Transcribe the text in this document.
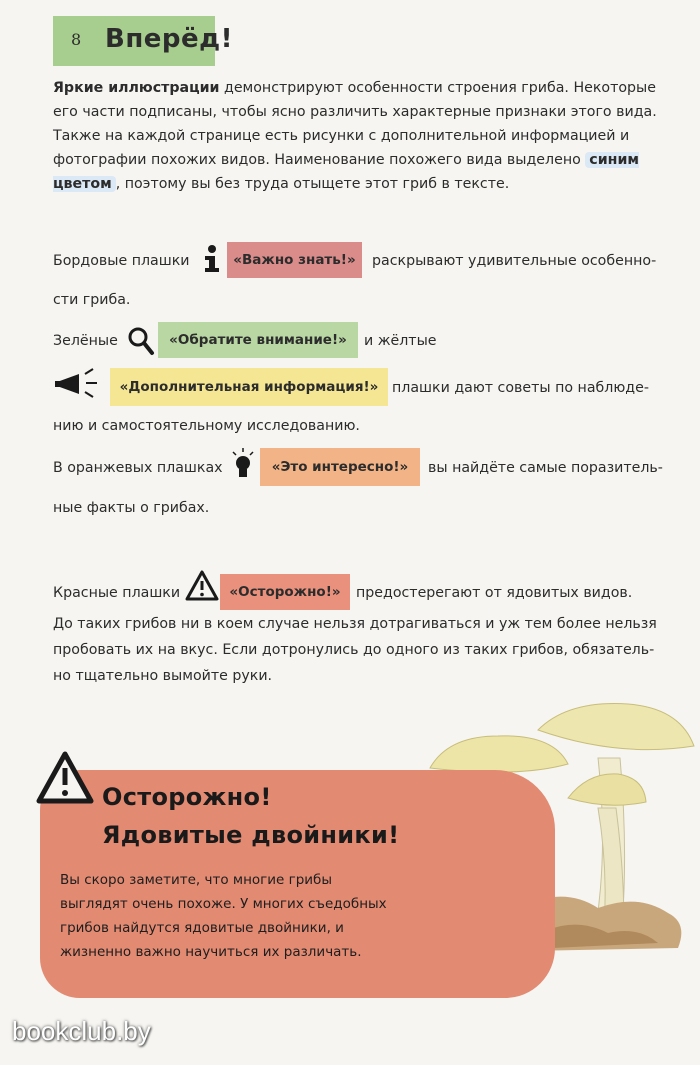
8 Вперёд!
Яркие иллюстрации демонстрируют особенности строения гриба. Некоторые его части подписаны, чтобы ясно различить характерные признаки этого вида. Также на каждой странице есть рисунки с дополнительной информацией и фотографии похожих видов. Наименование похожего вида выделено синим цветом , поэтому вы без труда отыщете этот гриб в тексте.
Бордовые плашки	«Важно знать!»	раскрывают удивительные особенно-
сти гриба.
Зелёные	«Обратите внимание!»	и жёлтые
«Дополнительная информация!» плашки дают советы по наблюде-
нию и самостоятельному исследованию.
В оранжевых плашках	«Это интересно!»	вы найдёте самые поразитель-
ные факты о грибах.
Красные плашки	«Осторожно!»	предостерегают от ядовитых видов.
До таких грибов ни в коем случае нельзя дотрагиваться и уж тем более нельзя
пробовать их на вкус. Если дотронулись до одного из таких грибов, обязатель-
но тщательно вымойте руки.
Осторожно!
Ядовитые двойники!
Вы скоро заметите, что многие грибы выглядят очень похоже. У многих съедобных грибов найдутся ядовитые двойники, и жизненно важно научиться их различать.
bookclub.by
